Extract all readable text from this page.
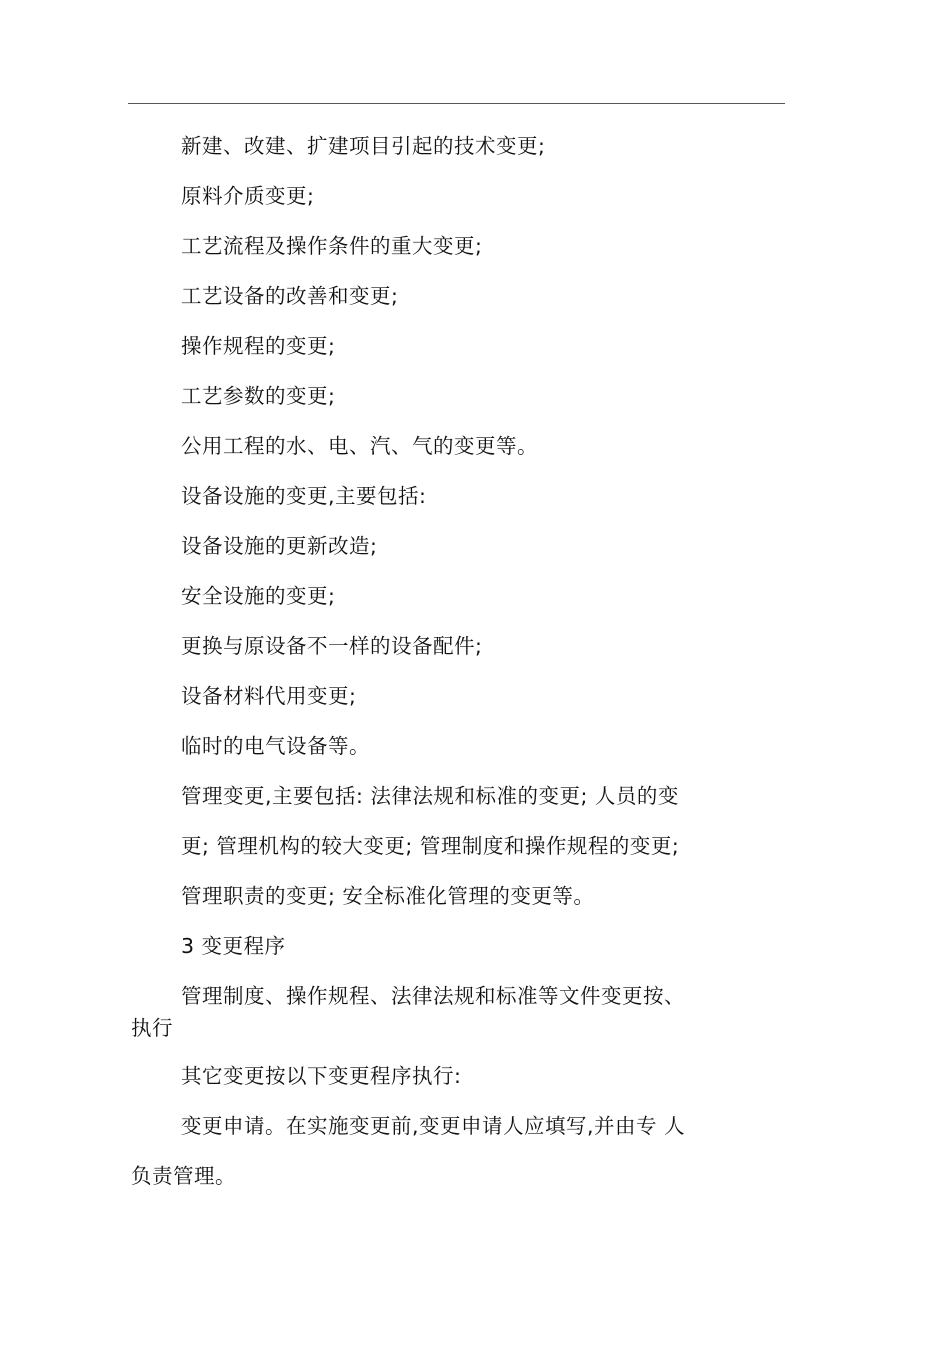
新建、改建、扩建项目引起的技术变更;
原料介质变更;
工艺流程及操作条件的重大变更;
工艺设备的改善和变更;
操作规程的变更;
工艺参数的变更;
公用工程的水、电、汽、气的变更等。
设备设施的变更,主要包括:
设备设施的更新改造;
安全设施的变更;
更换与原设备不一样的设备配件;
设备材料代用变更;
临时的电气设备等。
管理变更,主要包括: 法律法规和标准的变更; 人员的变
更; 管理机构的较大变更; 管理制度和操作规程的变更;
管理职责的变更; 安全标准化管理的变更等。
3 变更程序
管理制度、操作规程、法律法规和标准等文件变更按、
执行
其它变更按以下变更程序执行:
变更申请。在实施变更前,变更申请人应填写,并由专 人
负责管理。
